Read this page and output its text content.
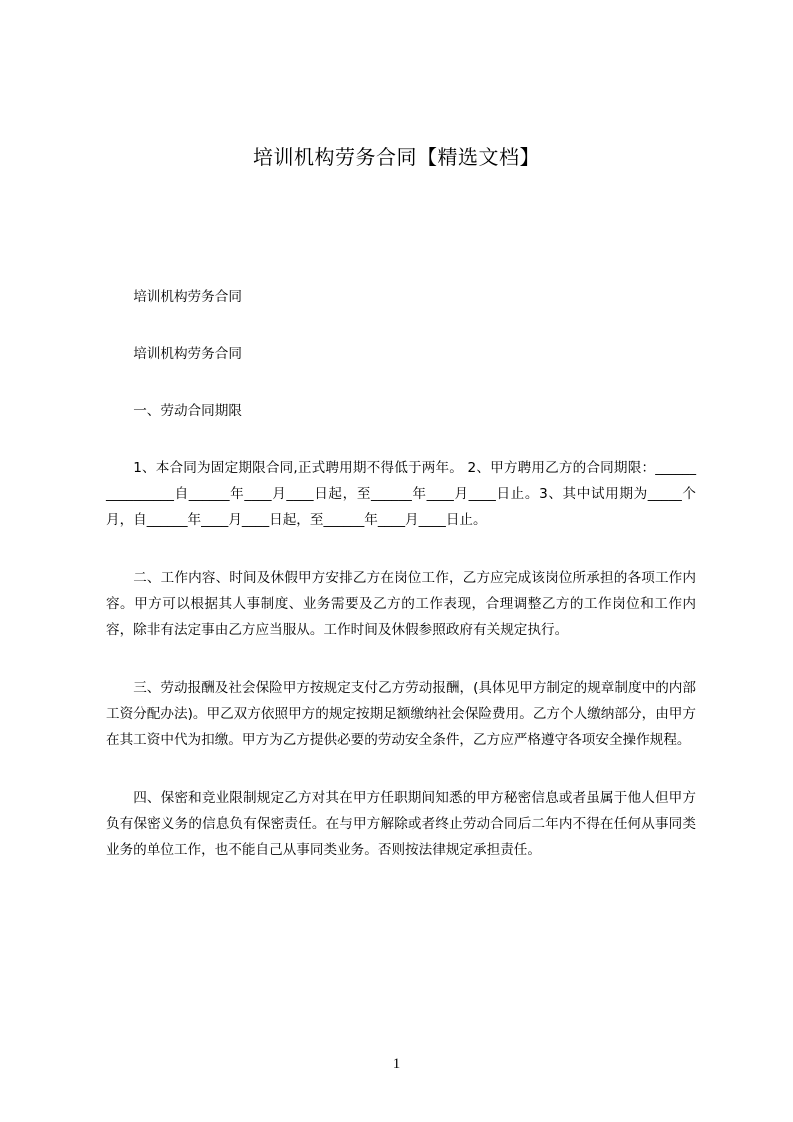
培训机构劳务合同【精选文档】

培训机构劳务合同

培训机构劳务合同

一、劳动合同期限

1、本合同为固定期限合同,正式聘用期不得低于两年。 2、甲方聘用乙方的合同期限：________________自______年____月____日起，至______年____月____日止。3、其中试用期为_____个月，自______年____月____日起，至______年____月____日止。

二、工作内容、时间及休假甲方安排乙方在岗位工作，乙方应完成该岗位所承担的各项工作内容。甲方可以根据其人事制度、业务需要及乙方的工作表现，合理调整乙方的工作岗位和工作内容，除非有法定事由乙方应当服从。工作时间及休假参照政府有关规定执行。

三、劳动报酬及社会保险甲方按规定支付乙方劳动报酬，(具体见甲方制定的规章制度中的内部工资分配办法)。甲乙双方依照甲方的规定按期足额缴纳社会保险费用。乙方个人缴纳部分，由甲方在其工资中代为扣缴。甲方为乙方提供必要的劳动安全条件，乙方应严格遵守各项安全操作规程。

四、保密和竞业限制规定乙方对其在甲方任职期间知悉的甲方秘密信息或者虽属于他人但甲方负有保密义务的信息负有保密责任。在与甲方解除或者终止劳动合同后二年内不得在任何从事同类业务的单位工作，也不能自己从事同类业务。否则按法律规定承担责任。

1
